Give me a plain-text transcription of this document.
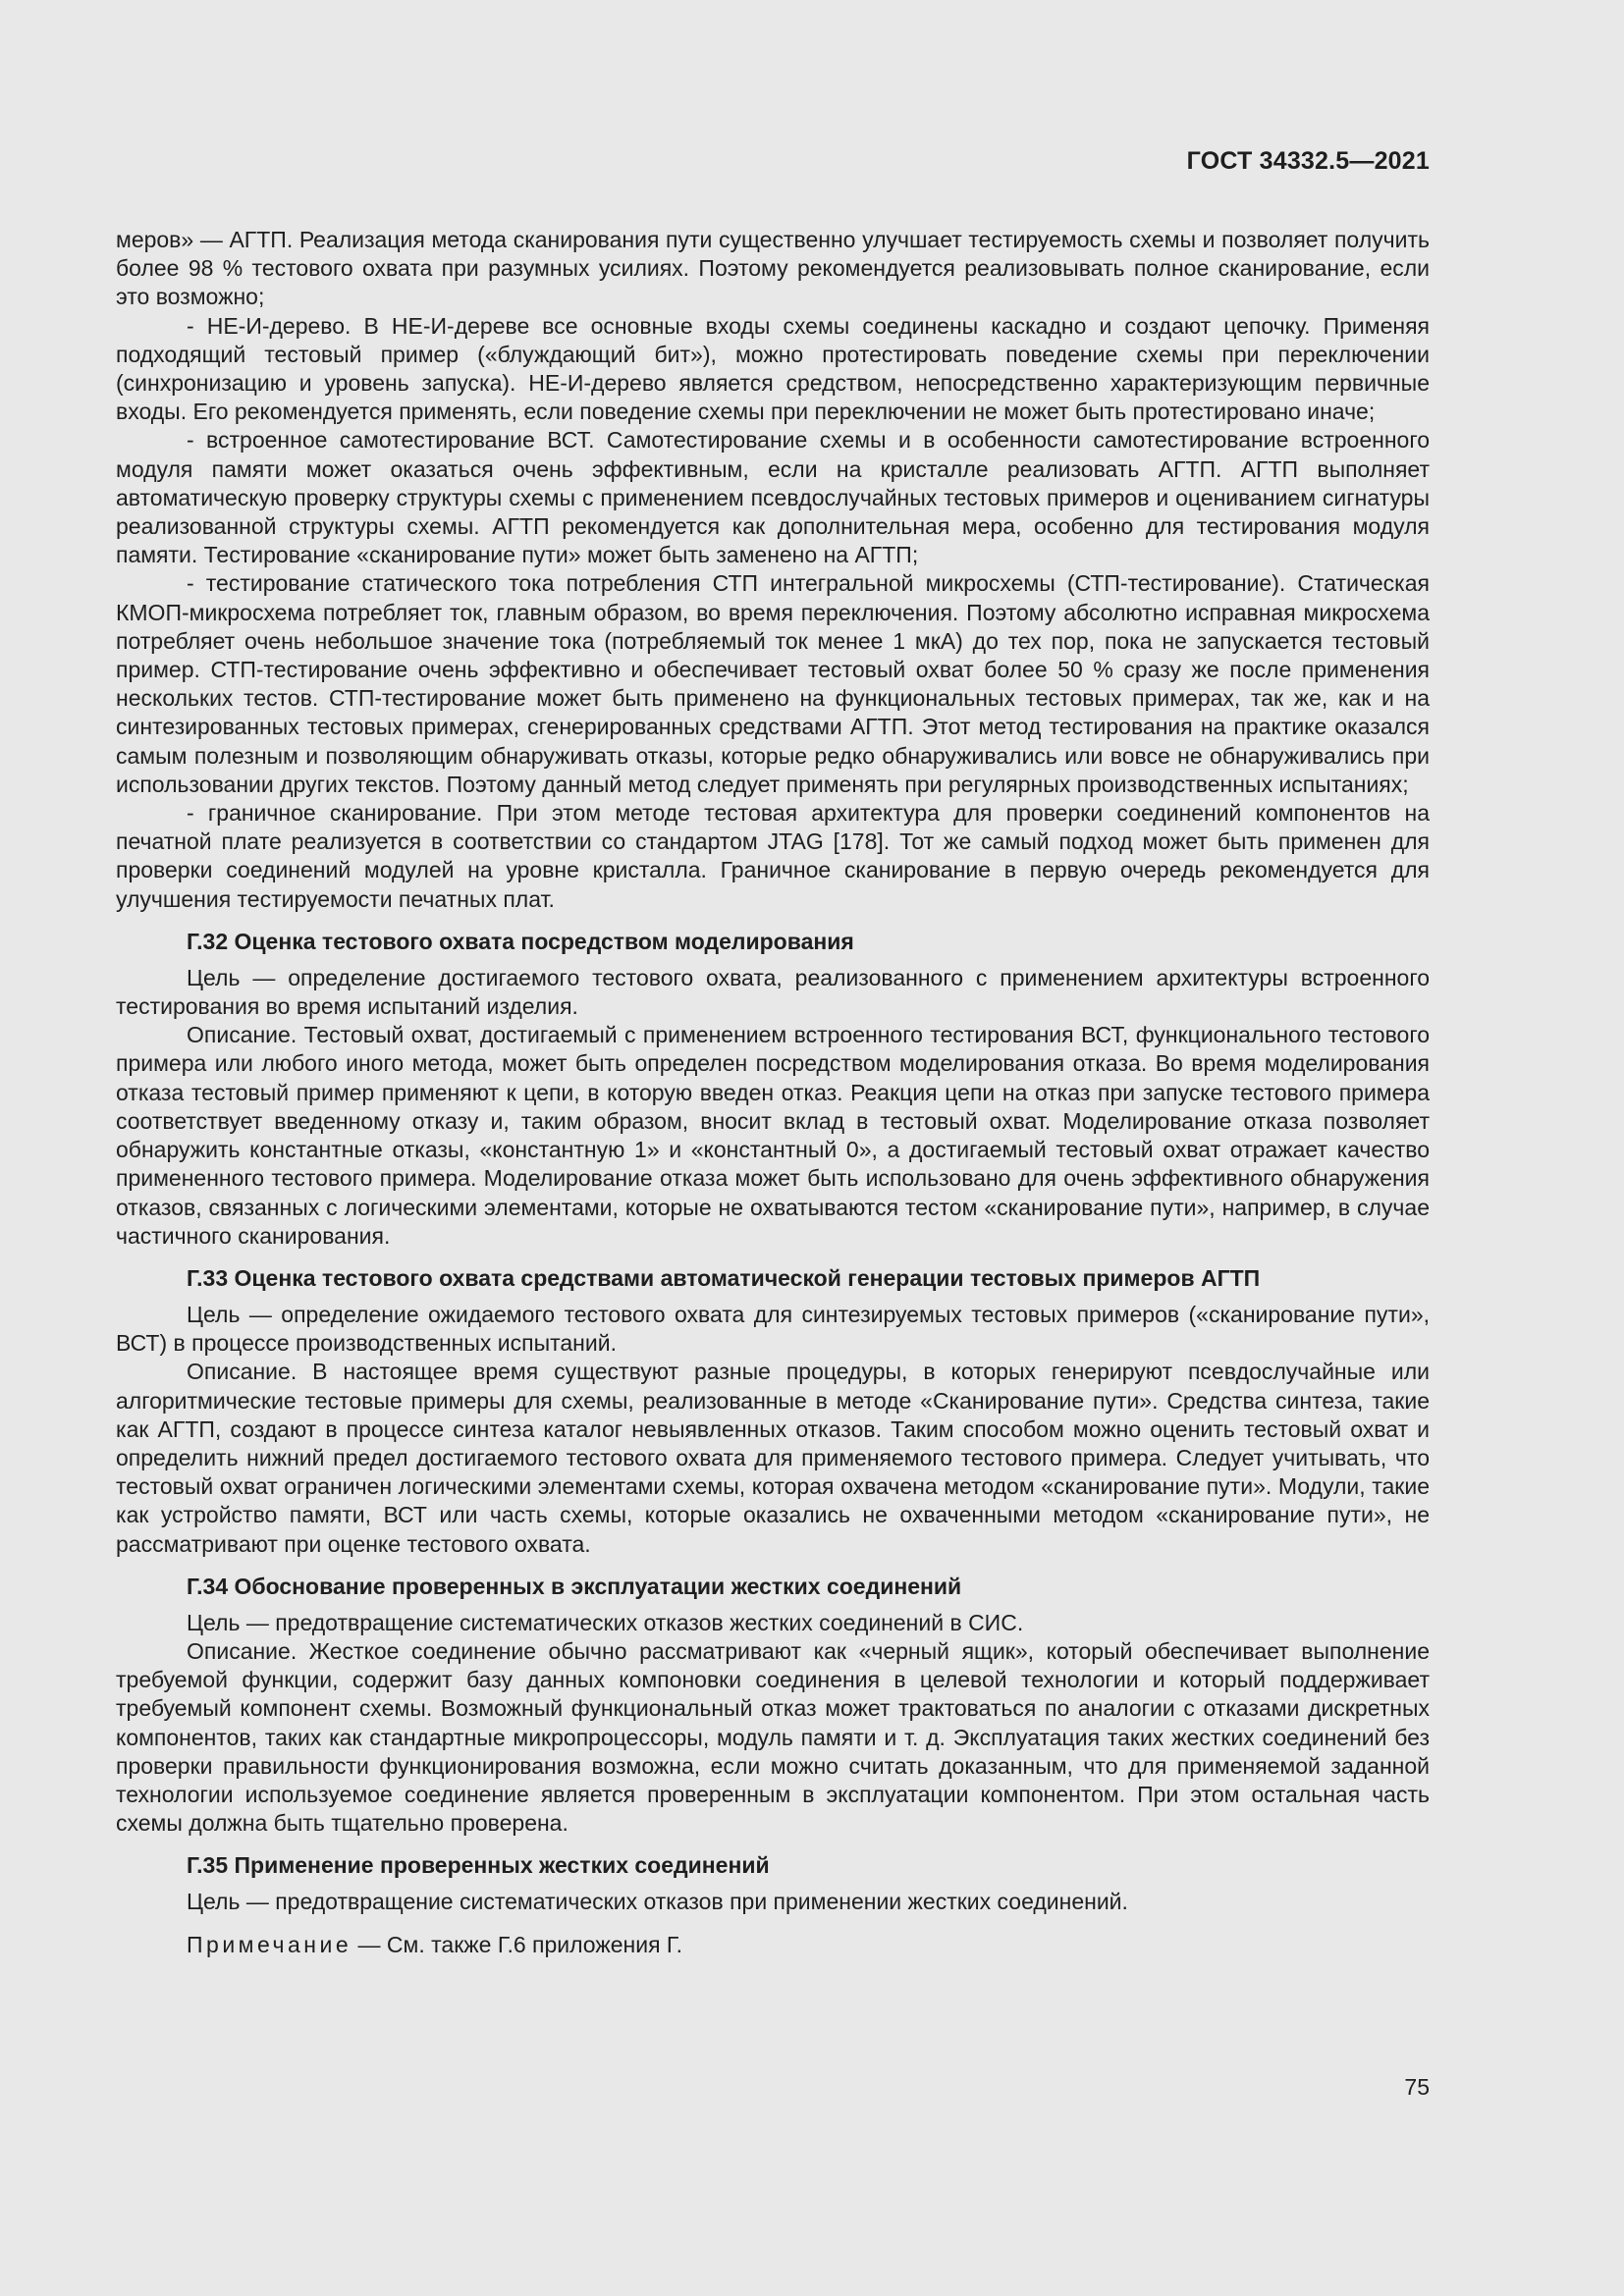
ГОСТ 34332.5—2021

меров» — АГТП. Реализация метода сканирования пути существенно улучшает тестируемость схемы и позволяет получить более 98 % тестового охвата при разумных усилиях. Поэтому рекомендуется реализовывать полное сканирование, если это возможно;

- НЕ-И-дерево. В НЕ-И-дереве все основные входы схемы соединены каскадно и создают цепочку. Применяя подходящий тестовый пример («блуждающий бит»), можно протестировать поведение схемы при переключении (синхронизацию и уровень запуска). НЕ-И-дерево является средством, непосредственно характеризующим первичные входы. Его рекомендуется применять, если поведение схемы при переключении не может быть протестировано иначе;

- встроенное самотестирование ВСТ. Самотестирование схемы и в особенности самотестирование встроенного модуля памяти может оказаться очень эффективным, если на кристалле реализовать АГТП. АГТП выполняет автоматическую проверку структуры схемы с применением псевдослучайных тестовых примеров и оцениванием сигнатуры реализованной структуры схемы. АГТП рекомендуется как дополнительная мера, особенно для тестирования модуля памяти. Тестирование «сканирование пути» может быть заменено на АГТП;

- тестирование статического тока потребления СТП интегральной микросхемы (СТП-тестирование). Статическая КМОП-микросхема потребляет ток, главным образом, во время переключения. Поэтому абсолютно исправная микросхема потребляет очень небольшое значение тока (потребляемый ток менее 1 мкА) до тех пор, пока не запускается тестовый пример. СТП-тестирование очень эффективно и обеспечивает тестовый охват более 50 % сразу же после применения нескольких тестов. СТП-тестирование может быть применено на функциональных тестовых примерах, так же, как и на синтезированных тестовых примерах, сгенерированных средствами АГТП. Этот метод тестирования на практике оказался самым полезным и позволяющим обнаруживать отказы, которые редко обнаруживались или вовсе не обнаруживались при использовании других текстов. Поэтому данный метод следует применять при регулярных производственных испытаниях;

- граничное сканирование. При этом методе тестовая архитектура для проверки соединений компонентов на печатной плате реализуется в соответствии со стандартом JTAG [178]. Тот же самый подход может быть применен для проверки соединений модулей на уровне кристалла. Граничное сканирование в первую очередь рекомендуется для улучшения тестируемости печатных плат.

Г.32 Оценка тестового охвата посредством моделирования

Цель — определение достигаемого тестового охвата, реализованного с применением архитектуры встроенного тестирования во время испытаний изделия.

Описание. Тестовый охват, достигаемый с применением встроенного тестирования ВСТ, функционального тестового примера или любого иного метода, может быть определен посредством моделирования отказа. Во время моделирования отказа тестовый пример применяют к цепи, в которую введен отказ. Реакция цепи на отказ при запуске тестового примера соответствует введенному отказу и, таким образом, вносит вклад в тестовый охват. Моделирование отказа позволяет обнаружить константные отказы, «константную 1» и «константный 0», а достигаемый тестовый охват отражает качество примененного тестового примера. Моделирование отказа может быть использовано для очень эффективного обнаружения отказов, связанных с логическими элементами, которые не охватываются тестом «сканирование пути», например, в случае частичного сканирования.

Г.33 Оценка тестового охвата средствами автоматической генерации тестовых примеров АГТП

Цель — определение ожидаемого тестового охвата для синтезируемых тестовых примеров («сканирование пути», ВСТ) в процессе производственных испытаний.

Описание. В настоящее время существуют разные процедуры, в которых генерируют псевдослучайные или алгоритмические тестовые примеры для схемы, реализованные в методе «Сканирование пути». Средства синтеза, такие как АГТП, создают в процессе синтеза каталог невыявленных отказов. Таким способом можно оценить тестовый охват и определить нижний предел достигаемого тестового охвата для применяемого тестового примера. Следует учитывать, что тестовый охват ограничен логическими элементами схемы, которая охвачена методом «сканирование пути». Модули, такие как устройство памяти, ВСТ или часть схемы, которые оказались не охваченными методом «сканирование пути», не рассматривают при оценке тестового охвата.

Г.34 Обоснование проверенных в эксплуатации жестких соединений

Цель — предотвращение систематических отказов жестких соединений в СИС.

Описание. Жесткое соединение обычно рассматривают как «черный ящик», который обеспечивает выполнение требуемой функции, содержит базу данных компоновки соединения в целевой технологии и который поддерживает требуемый компонент схемы. Возможный функциональный отказ может трактоваться по аналогии с отказами дискретных компонентов, таких как стандартные микропроцессоры, модуль памяти и т. д. Эксплуатация таких жестких соединений без проверки правильности функционирования возможна, если можно считать доказанным, что для применяемой заданной технологии используемое соединение является проверенным в эксплуатации компонентом. При этом остальная часть схемы должна быть тщательно проверена.

Г.35 Применение проверенных жестких соединений

Цель — предотвращение систематических отказов при применении жестких соединений.

Примечание — См. также Г.6 приложения Г.

75
